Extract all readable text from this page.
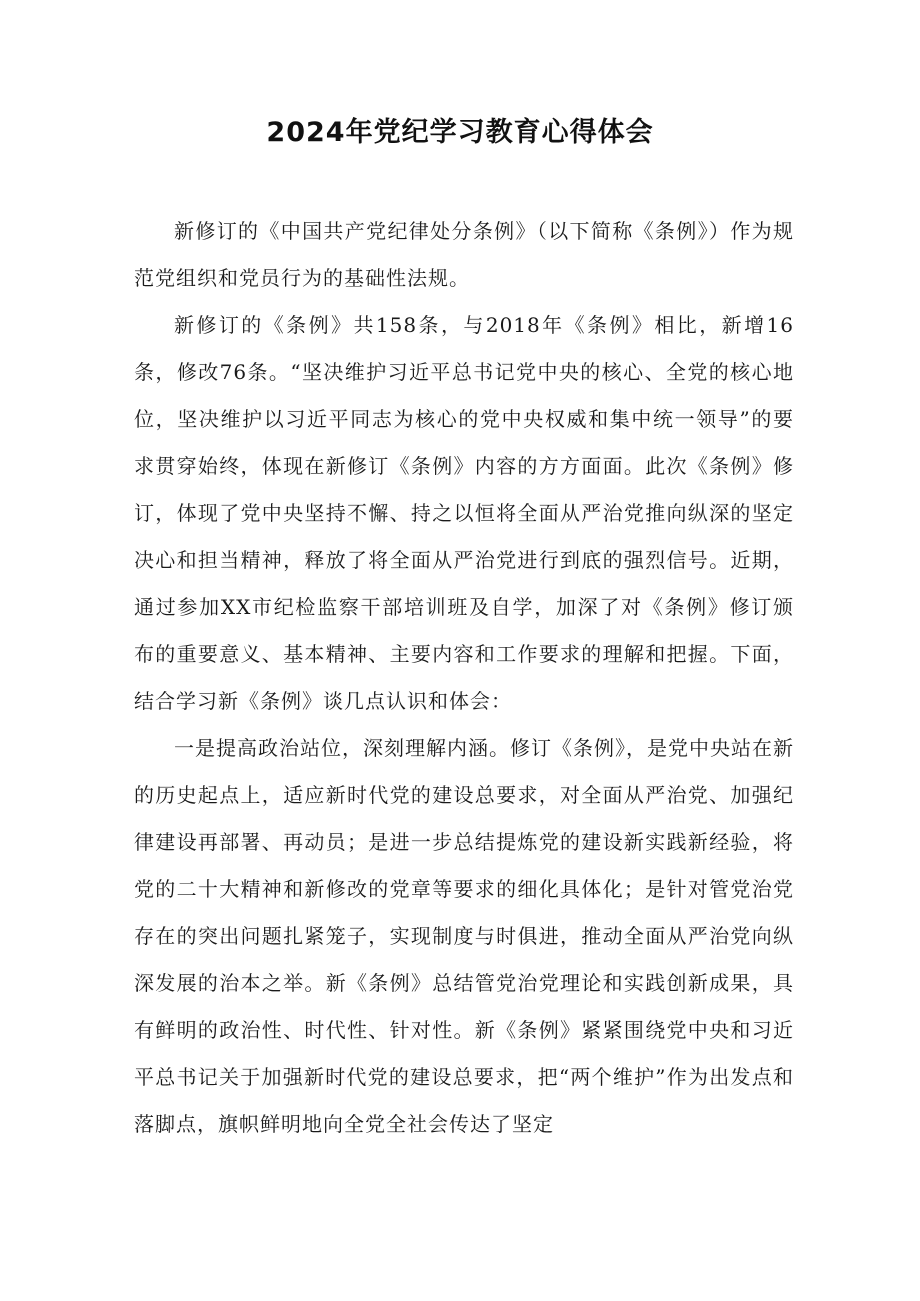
2024年党纪学习教育心得体会

新修订的《中国共产党纪律处分条例》（以下简称《条例》）作为规范党组织和党员行为的基础性法规。

新修订的《条例》共158条，与2018年《条例》相比，新增16条，修改76条。“坚决维护习近平总书记党中央的核心、全党的核心地位，坚决维护以习近平同志为核心的党中央权威和集中统一领导”的要求贯穿始终，体现在新修订《条例》内容的方方面面。此次《条例》修订，体现了党中央坚持不懈、持之以恒将全面从严治党推向纵深的坚定决心和担当精神，释放了将全面从严治党进行到底的强烈信号。近期，通过参加XX市纪检监察干部培训班及自学，加深了对《条例》修订颁布的重要意义、基本精神、主要内容和工作要求的理解和把握。下面，结合学习新《条例》谈几点认识和体会：

一是提高政治站位，深刻理解内涵。修订《条例》，是党中央站在新的历史起点上，适应新时代党的建设总要求，对全面从严治党、加强纪律建设再部署、再动员；是进一步总结提炼党的建设新实践新经验，将党的二十大精神和新修改的党章等要求的细化具体化；是针对管党治党存在的突出问题扎紧笼子，实现制度与时俱进，推动全面从严治党向纵深发展的治本之举。新《条例》总结管党治党理论和实践创新成果，具有鲜明的政治性、时代性、针对性。新《条例》紧紧围绕党中央和习近平总书记关于加强新时代党的建设总要求，把“两个维护”作为出发点和落脚点，旗帜鲜明地向全党全社会传达了坚定
